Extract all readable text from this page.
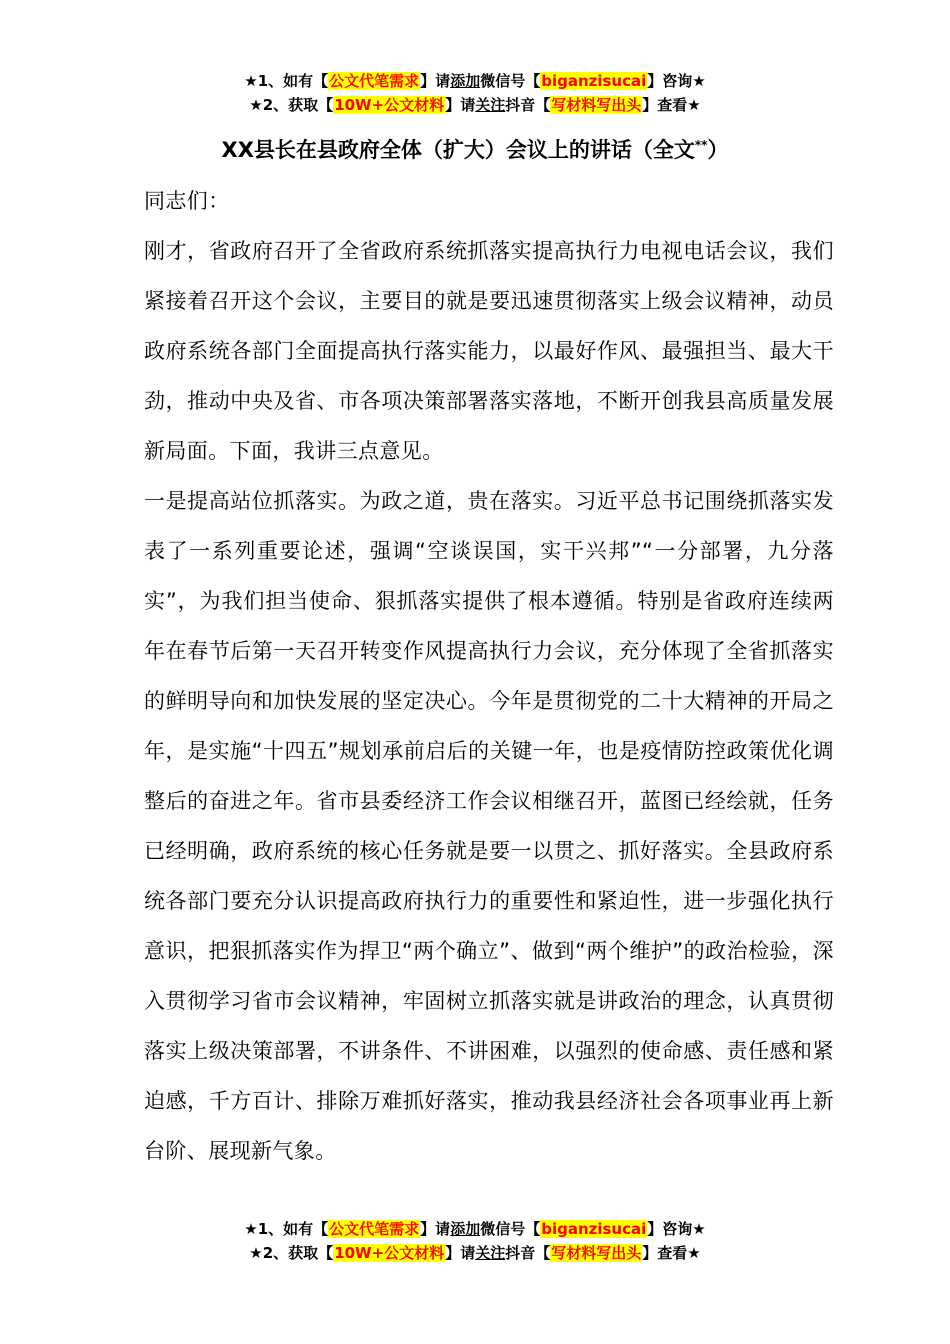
★1、如有【公文代笔需求】请添加微信号【biganzisucai】咨询★
★2、获取【10W+公文材料】请关注抖音【写材料写出头】查看★
XX县长在县政府全体（扩大）会议上的讲话（全文**）

同志们：

刚才，省政府召开了全省政府系统抓落实提高执行力电视电话会议，我们紧接着召开这个会议，主要目的就是要迅速贯彻落实上级会议精神，动员政府系统各部门全面提高执行落实能力，以最好作风、最强担当、最大干劲，推动中央及省、市各项决策部署落实落地，不断开创我县高质量发展新局面。下面，我讲三点意见。

一是提高站位抓落实。为政之道，贵在落实。习近平总书记围绕抓落实发表了一系列重要论述，强调“空谈误国，实干兴邦”“一分部署，九分落实”，为我们担当使命、狠抓落实提供了根本遵循。特别是省政府连续两年在春节后第一天召开转变作风提高执行力会议，充分体现了全省抓落实的鲜明导向和加快发展的坚定决心。今年是贯彻党的二十大精神的开局之年，是实施“十四五”规划承前启后的关键一年，也是疫情防控政策优化调整后的奋进之年。省市县委经济工作会议相继召开，蓝图已经绘就，任务已经明确，政府系统的核心任务就是要一以贯之、抓好落实。全县政府系统各部门要充分认识提高政府执行力的重要性和紧迫性，进一步强化执行意识，把狠抓落实作为捍卫“两个确立”、做到“两个维护”的政治检验，深入贯彻学习省市会议精神，牢固树立抓落实就是讲政治的理念，认真贯彻落实上级决策部署，不讲条件、不讲困难，以强烈的使命感、责任感和紧迫感，千方百计、排除万难抓好落实，推动我县经济社会各项事业再上新台阶、展现新气象。

★1、如有【公文代笔需求】请添加微信号【biganzisucai】咨询★
★2、获取【10W+公文材料】请关注抖音【写材料写出头】查看★
